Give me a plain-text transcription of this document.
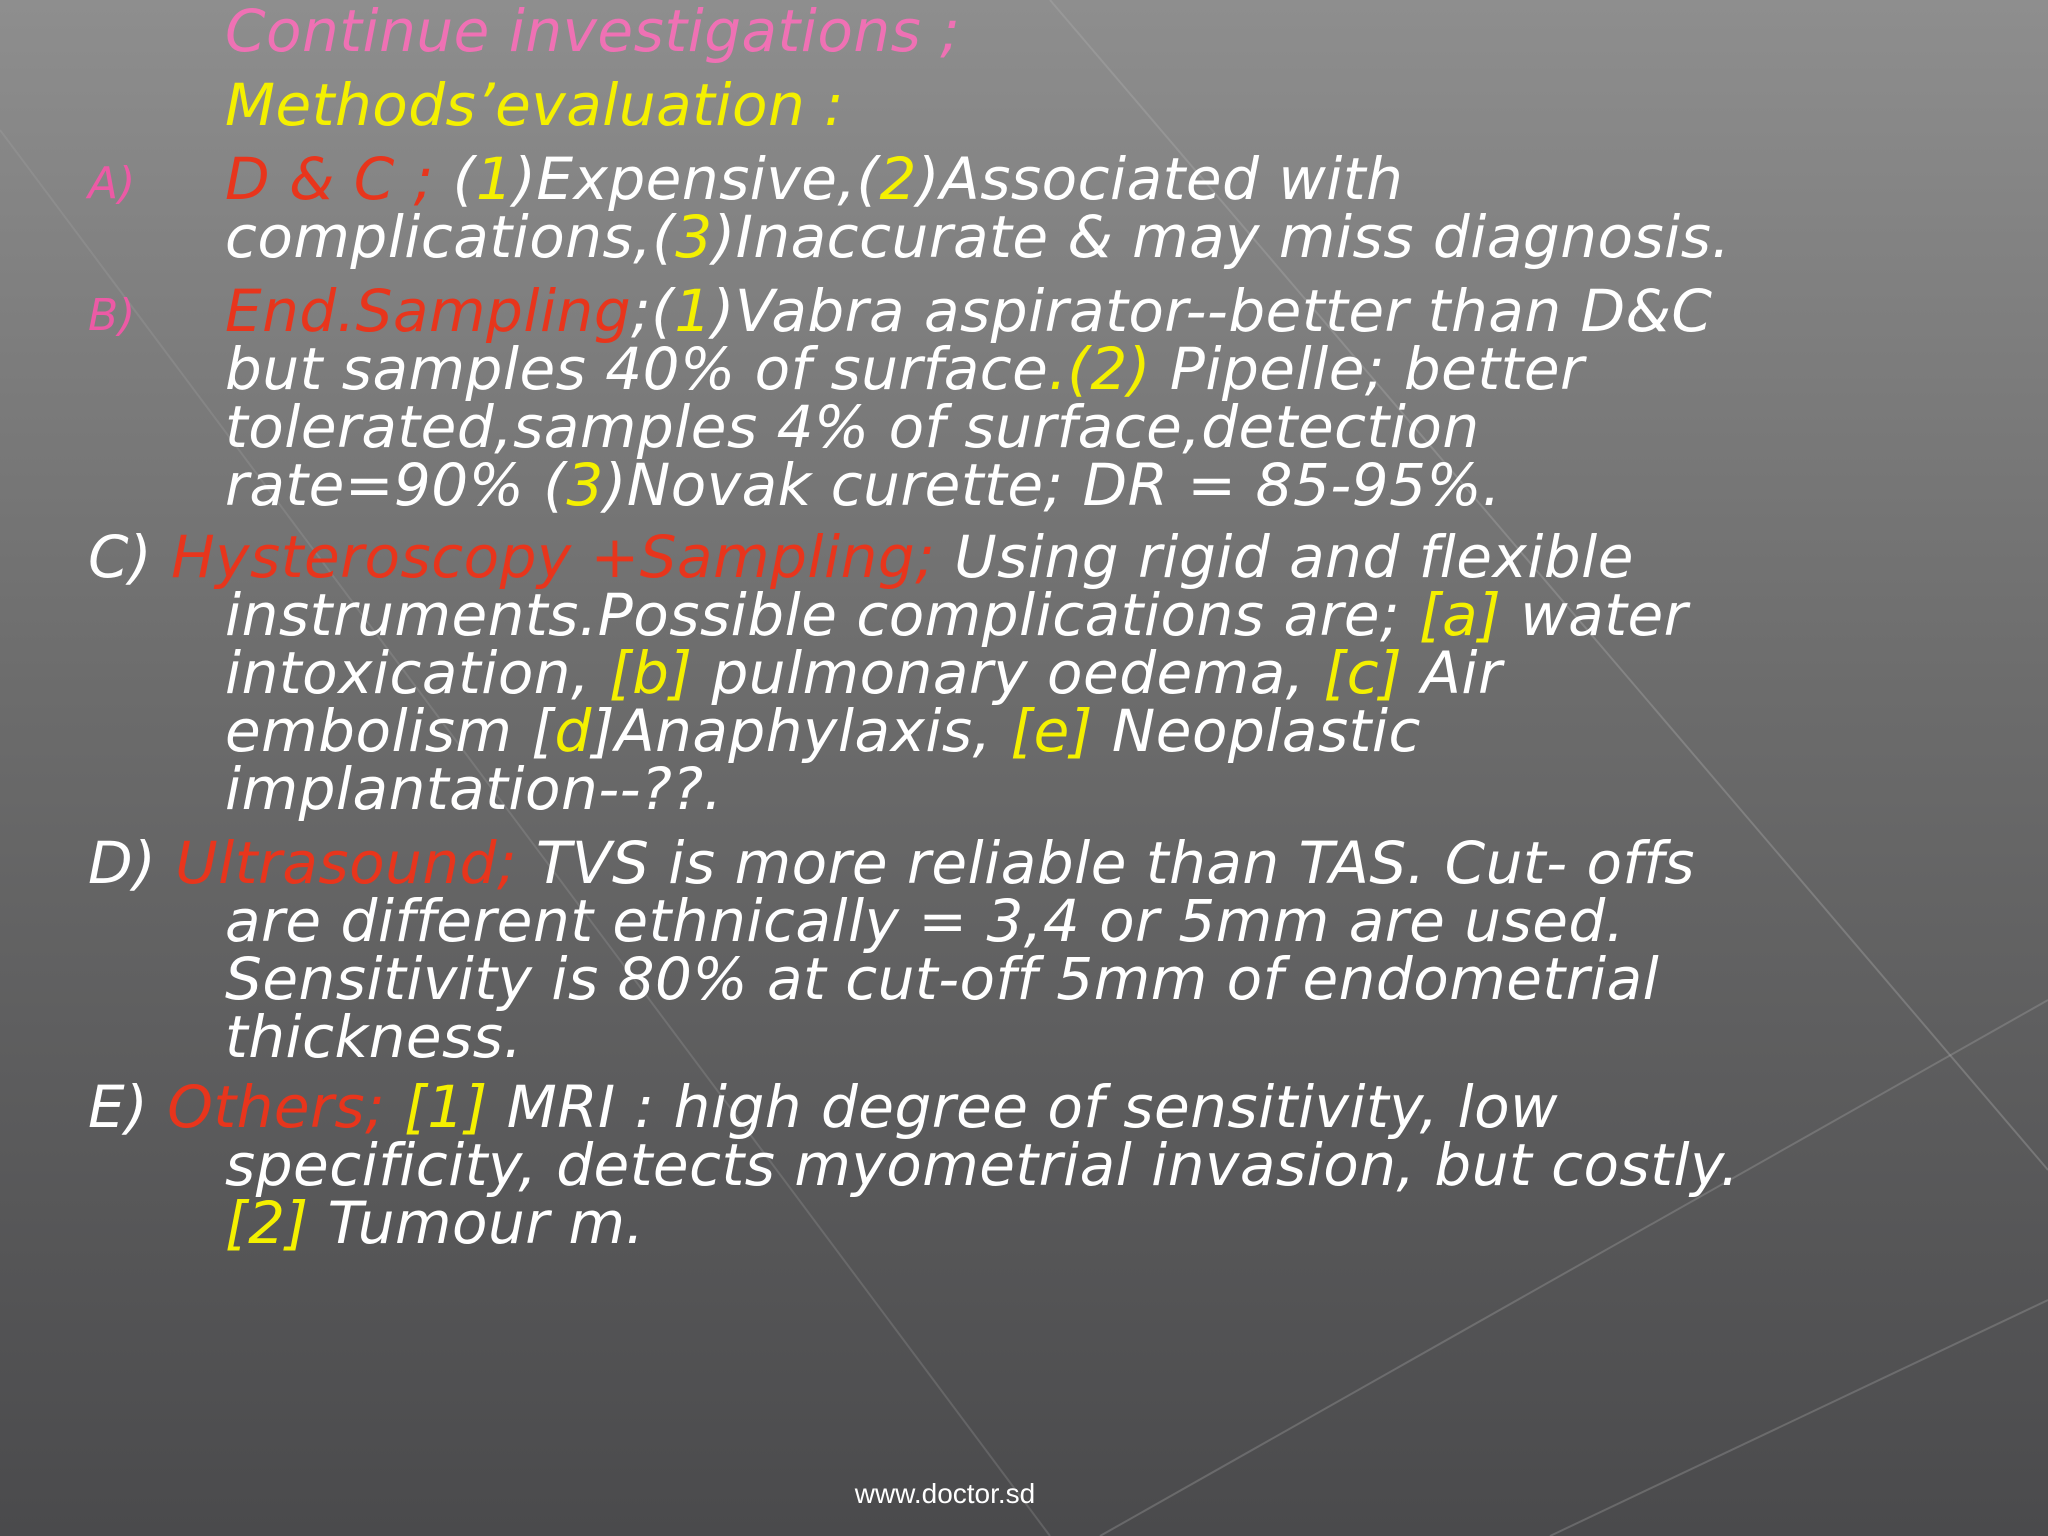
Continue investigations ;
Methods’evaluation :
A) D & C ; (1)Expensive,(2)Associated with
complications,(3)Inaccurate & may miss diagnosis.
B) End.Sampling;(1)Vabra aspirator--better than D&C
but samples 40% of surface.(2) Pipelle; better
tolerated,samples 4% of surface,detection
rate=90% (3)Novak curette; DR = 85-95%.
C) Hysteroscopy +Sampling; Using rigid and flexible
instruments.Possible complications are; [a] water
intoxication, [b] pulmonary oedema, [c] Air
embolism [d]Anaphylaxis, [e] Neoplastic
implantation--??.
D) Ultrasound; TVS is more reliable than TAS. Cut- offs
are different ethnically = 3,4 or 5mm are used.
Sensitivity is 80% at cut-off 5mm of endometrial
thickness.
E) Others; [1] MRI : high degree of sensitivity, low
specificity, detects myometrial invasion, but costly.
[2] Tumour m.
www.doctor.sd
